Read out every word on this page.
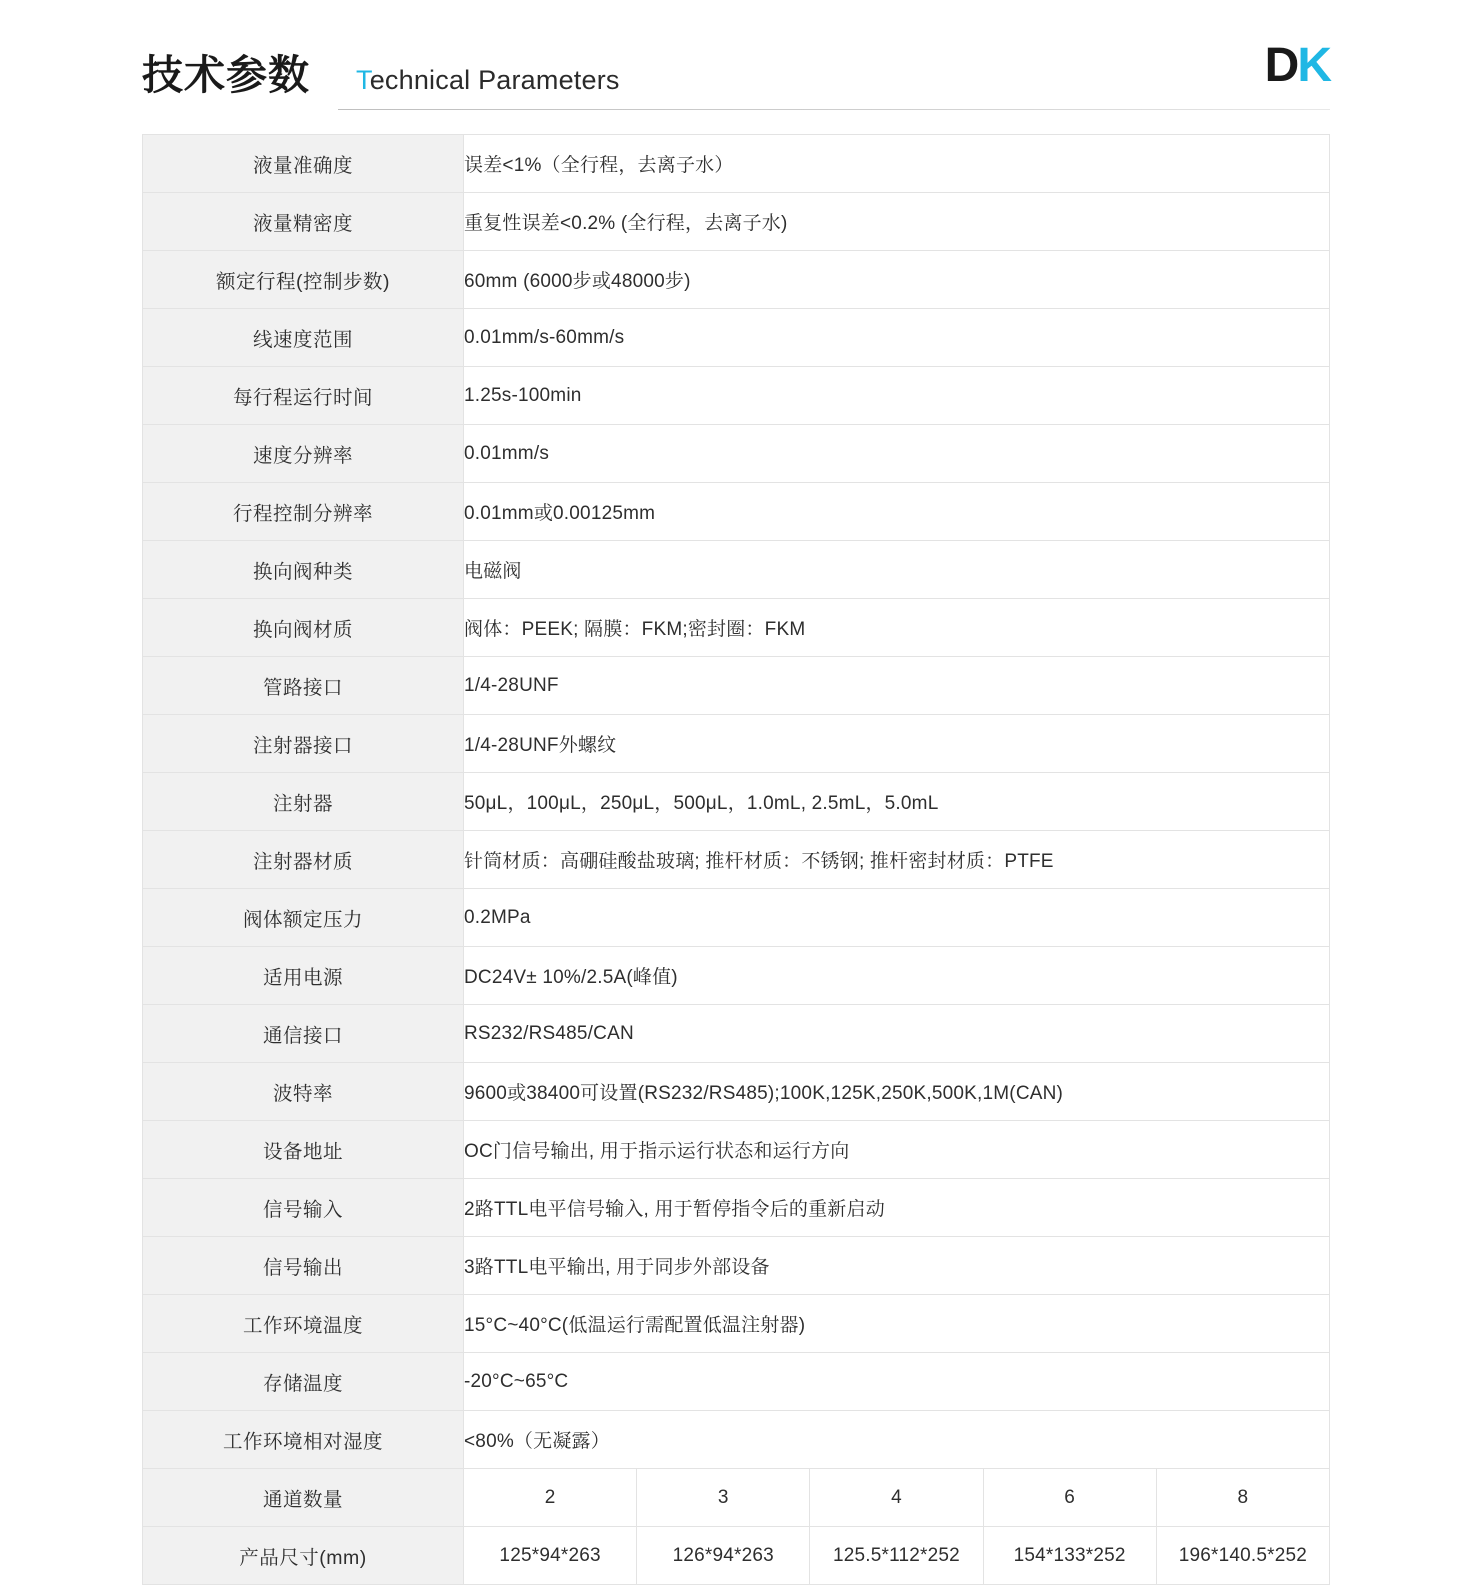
技术参数	Technical Parameters	DK
液量准确度	误差<1%（全行程，去离子水）				

液量精密度	重复性误差<0.2% (全行程，去离子水)				

额定行程(控制步数)	60mm (6000步或48000步)				

线速度范围	0.01mm/s-60mm/s				

每行程运行时间	1.25s-100min				

速度分辨率	0.01mm/s				

行程控制分辨率	0.01mm或0.00125mm				

换向阀种类	电磁阀				

换向阀材质	阀体：PEEK; 隔膜：FKM;密封圈：FKM				

管路接口	1/4-28UNF				

注射器接口	1/4-28UNF外螺纹				

注射器	50μL，100μL，250μL，500μL，1.0mL, 2.5mL，5.0mL				

注射器材质	针筒材质：高硼硅酸盐玻璃; 推杆材质：不锈钢; 推杆密封材质：PTFE				

阀体额定压力	0.2MPa				

适用电源	DC24V± 10%/2.5A(峰值)				

通信接口	RS232/RS485/CAN				

波特率	9600或38400可设置(RS232/RS485);100K,125K,250K,500K,1M(CAN)				

设备地址	OC门信号输出, 用于指示运行状态和运行方向				

信号输入	2路TTL电平信号输入, 用于暂停指令后的重新启动				

信号输出	3路TTL电平输出, 用于同步外部设备				

工作环境温度	15°C~40°C(低温运行需配置低温注射器)				

存储温度	-20°C~65°C				

工作环境相对湿度	<80%（无凝露）				

通道数量	2	3	4	6	8

产品尺寸(mm)	125*94*263	126*94*263	125.5*112*252	154*133*252	196*140.5*252
